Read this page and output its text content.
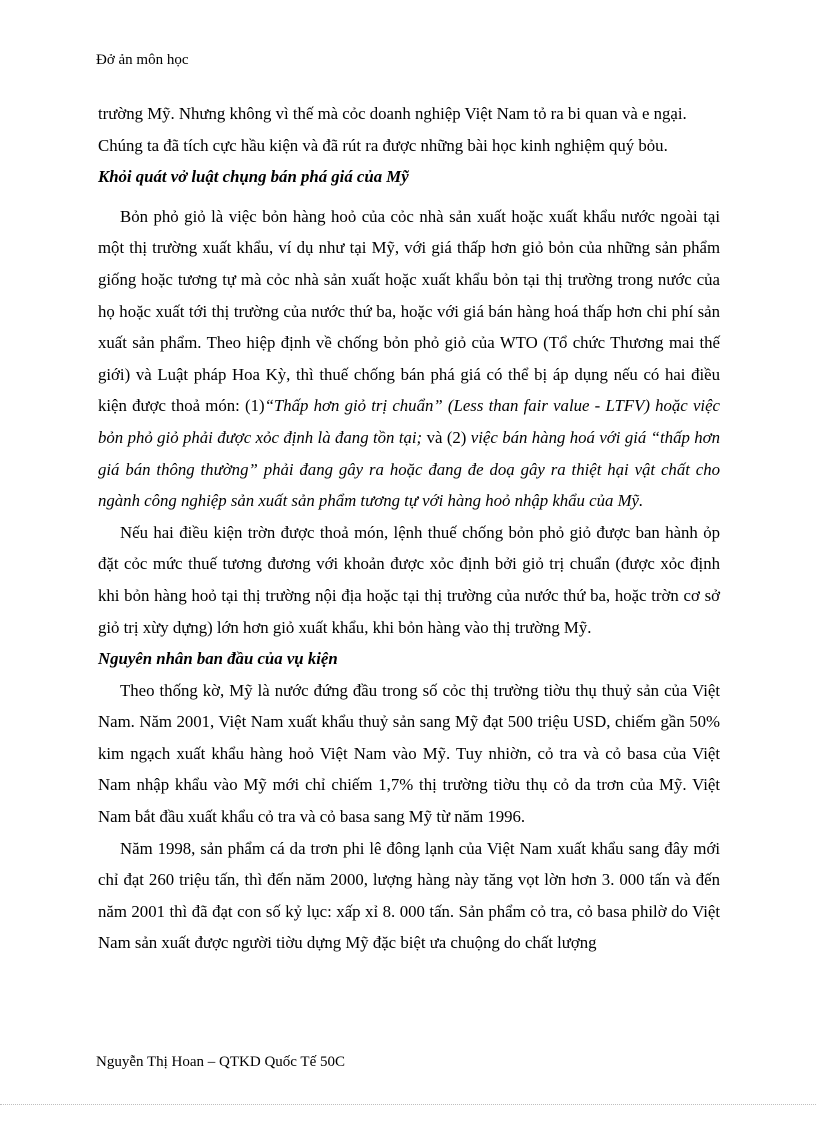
Đở ản môn học

trường Mỹ. Nhưng không vì thế mà cỏc doanh nghiệp Việt Nam tỏ ra bi quan và e ngại.
Chúng ta đã tích cực hầu kiện và đã rút ra được những bài học kinh nghiệm quý bỏu.

Khỏi quát vở luật chụng bán phá giá của Mỹ

Bỏn phỏ giỏ là việc bỏn hàng hoỏ của cỏc nhà sản xuất hoặc xuất khẩu nước ngoài tại một thị trường xuất khẩu, ví dụ như tại Mỹ, với giá thấp hơn giỏ bỏn của những sản phẩm giống hoặc tương tự mà cỏc nhà sản xuất hoặc xuất khẩu bỏn tại thị trường trong nước của họ hoặc xuất tới thị trường của nước thứ ba, hoặc với giá bán hàng hoá thấp hơn chi phí sản xuất sản phẩm. Theo hiệp định về chống bỏn phỏ giỏ của WTO (Tổ chức Thương mai thế giới) và Luật pháp Hoa Kỳ, thì thuế chống bán phá giá có thể bị áp dụng nếu có hai điều kiện được thoả món: (1)“Thấp hơn giỏ trị chuẩn” (Less than fair value - LTFV) hoặc việc bỏn phỏ giỏ phải được xỏc định là đang tồn tại; và (2) việc bán hàng hoá với giá “thấp hơn giá bán thông thường” phải đang gây ra hoặc đang đe doạ gây ra thiệt hại vật chất cho ngành công nghiệp sản xuất sản phẩm tương tự với hàng hoỏ nhập khẩu của Mỹ.

Nếu hai điều kiện trờn được thoả món, lệnh thuế chống bỏn phỏ giỏ được ban hành ỏp đặt cỏc mức thuế tương đương với khoản được xỏc định bởi giỏ trị chuẩn (được xỏc định khi bỏn hàng hoỏ tại thị trường nội địa hoặc tại thị trường của nước thứ ba, hoặc trờn cơ sở giỏ trị xừy dựng) lớn hơn giỏ xuất khẩu, khi bỏn hàng vào thị trường Mỹ.

Nguyên nhân ban đầu của vụ kiện

Theo thống kờ, Mỹ là nước đứng đầu trong số cỏc thị trường tiờu thụ thuỷ sản của Việt Nam. Năm 2001, Việt Nam xuất khẩu thuỷ sản sang Mỹ đạt 500 triệu USD, chiếm gần 50% kim ngạch xuất khẩu hàng hoỏ Việt Nam vào Mỹ. Tuy nhiờn, cỏ tra và cỏ basa của Việt Nam nhập khẩu vào Mỹ mới chỉ chiếm 1,7% thị trường tiờu thụ cỏ da trơn của Mỹ. Việt Nam bắt đầu xuất khẩu cỏ tra và cỏ basa sang Mỹ từ năm 1996.

Năm 1998, sản phẩm cá da trơn phi lê đông lạnh của Việt Nam xuất khẩu sang đây mới chỉ đạt 260 triệu tấn, thì đến năm 2000, lượng hàng này tăng vọt lờn hơn 3. 000 tấn và đến năm 2001 thì đã đạt con số kỷ lục: xấp xỉ 8. 000 tấn. Sản phẩm cỏ tra, cỏ basa philờ do Việt Nam sản xuất được người tiờu dựng Mỹ đặc biệt ưa chuộng do chất lượng

Nguyễn Thị Hoan – QTKD Quốc Tế 50C
